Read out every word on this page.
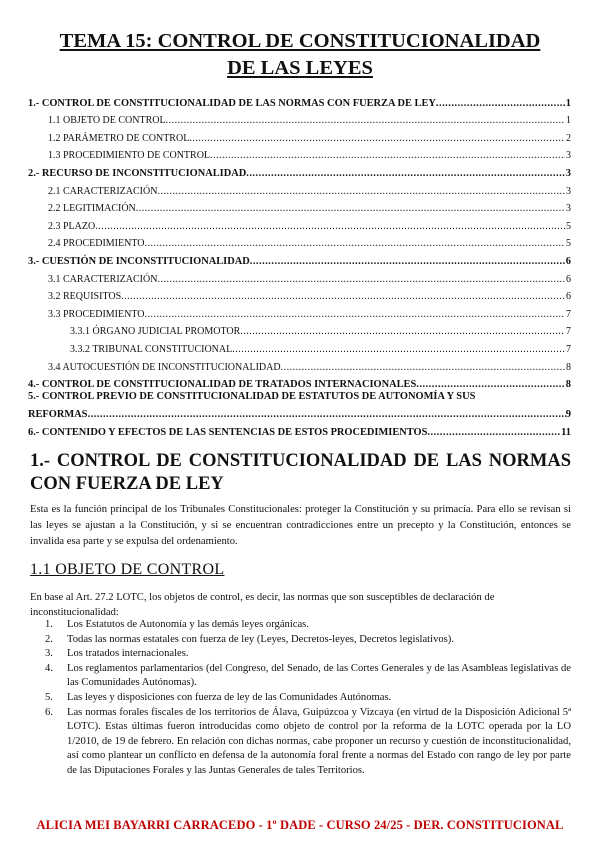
TEMA 15: CONTROL DE CONSTITUCIONALIDAD
DE LAS LEYES
1.- CONTROL DE CONSTITUCIONALIDAD DE LAS NORMAS CON FUERZA DE LEY .....	1
1.1 OBJETO DE CONTROL .....	1
1.2 PARÁMETRO DE CONTROL .....	2
1.3 PROCEDIMIENTO DE CONTROL .....	3
2.- RECURSO DE INCONSTITUCIONALIDAD .....	3
2.1 CARACTERIZACIÓN .....	3
2.2 LEGITIMACIÓN .....	3
2.3 PLAZO .....	5
2.4 PROCEDIMIENTO .....	5
3.- CUESTIÓN DE INCONSTITUCIONALIDAD .....	6
3.1 CARACTERIZACIÓN .....	6
3.2 REQUISITOS .....	6
3.3 PROCEDIMIENTO .....	7
3.3.1 ÓRGANO JUDICIAL PROMOTOR .....	7
3.3.2 TRIBUNAL CONSTITUCIONAL .....	7
3.4 AUTOCUESTIÓN DE INCONSTITUCIONALIDAD .....	8
4.- CONTROL DE CONSTITUCIONALIDAD DE TRATADOS INTERNACIONALES .....	8
5.- CONTROL PREVIO DE CONSTITUCIONALIDAD DE ESTATUTOS DE AUTONOMÍA Y SUS
REFORMAS .....	9
6.- CONTENIDO Y EFECTOS DE LAS SENTENCIAS DE ESTOS PROCEDIMIENTOS .....	11
1.- CONTROL DE CONSTITUCIONALIDAD DE LAS NORMAS CON FUERZA DE LEY
Esta es la función principal de los Tribunales Constitucionales: proteger la Constitución y su primacía. Para ello se revisan si las leyes se ajustan a la Constitución, y si se encuentran contradicciones entre un precepto y la Constitución, entonces se invalida esa parte y se expulsa del ordenamiento.
1.1 OBJETO DE CONTROL
En base al Art. 27.2 LOTC, los objetos de control, es decir, las normas que son susceptibles de declaración de inconstitucionalidad:
1.	Los Estatutos de Autonomía y las demás leyes orgánicas.
2.	Todas las normas estatales con fuerza de ley (Leyes, Decretos-leyes, Decretos legislativos).
3.	Los tratados internacionales.
4.	Los reglamentos parlamentarios (del Congreso, del Senado, de las Cortes Generales y de las Asambleas legislativas de las Comunidades Autónomas).
5.	Las leyes y disposiciones con fuerza de ley de las Comunidades Autónomas.
6.	Las normas forales fiscales de los territorios de Álava, Guipúzcoa y Vizcaya (en virtud de la Disposición Adicional 5ª LOTC). Estas últimas fueron introducidas como objeto de control por la reforma de la LOTC operada por la LO 1/2010, de 19 de febrero. En relación con dichas normas, cabe proponer un recurso y cuestión de inconstitucionalidad, así como plantear un conflicto en defensa de la autonomía foral frente a normas del Estado con rango de ley por parte de las Diputaciones Forales y las Juntas Generales de tales Territorios.
ALICIA MEI BAYARRI CARRACEDO - 1º DADE - CURSO 24/25 - DER. CONSTITUCIONAL
